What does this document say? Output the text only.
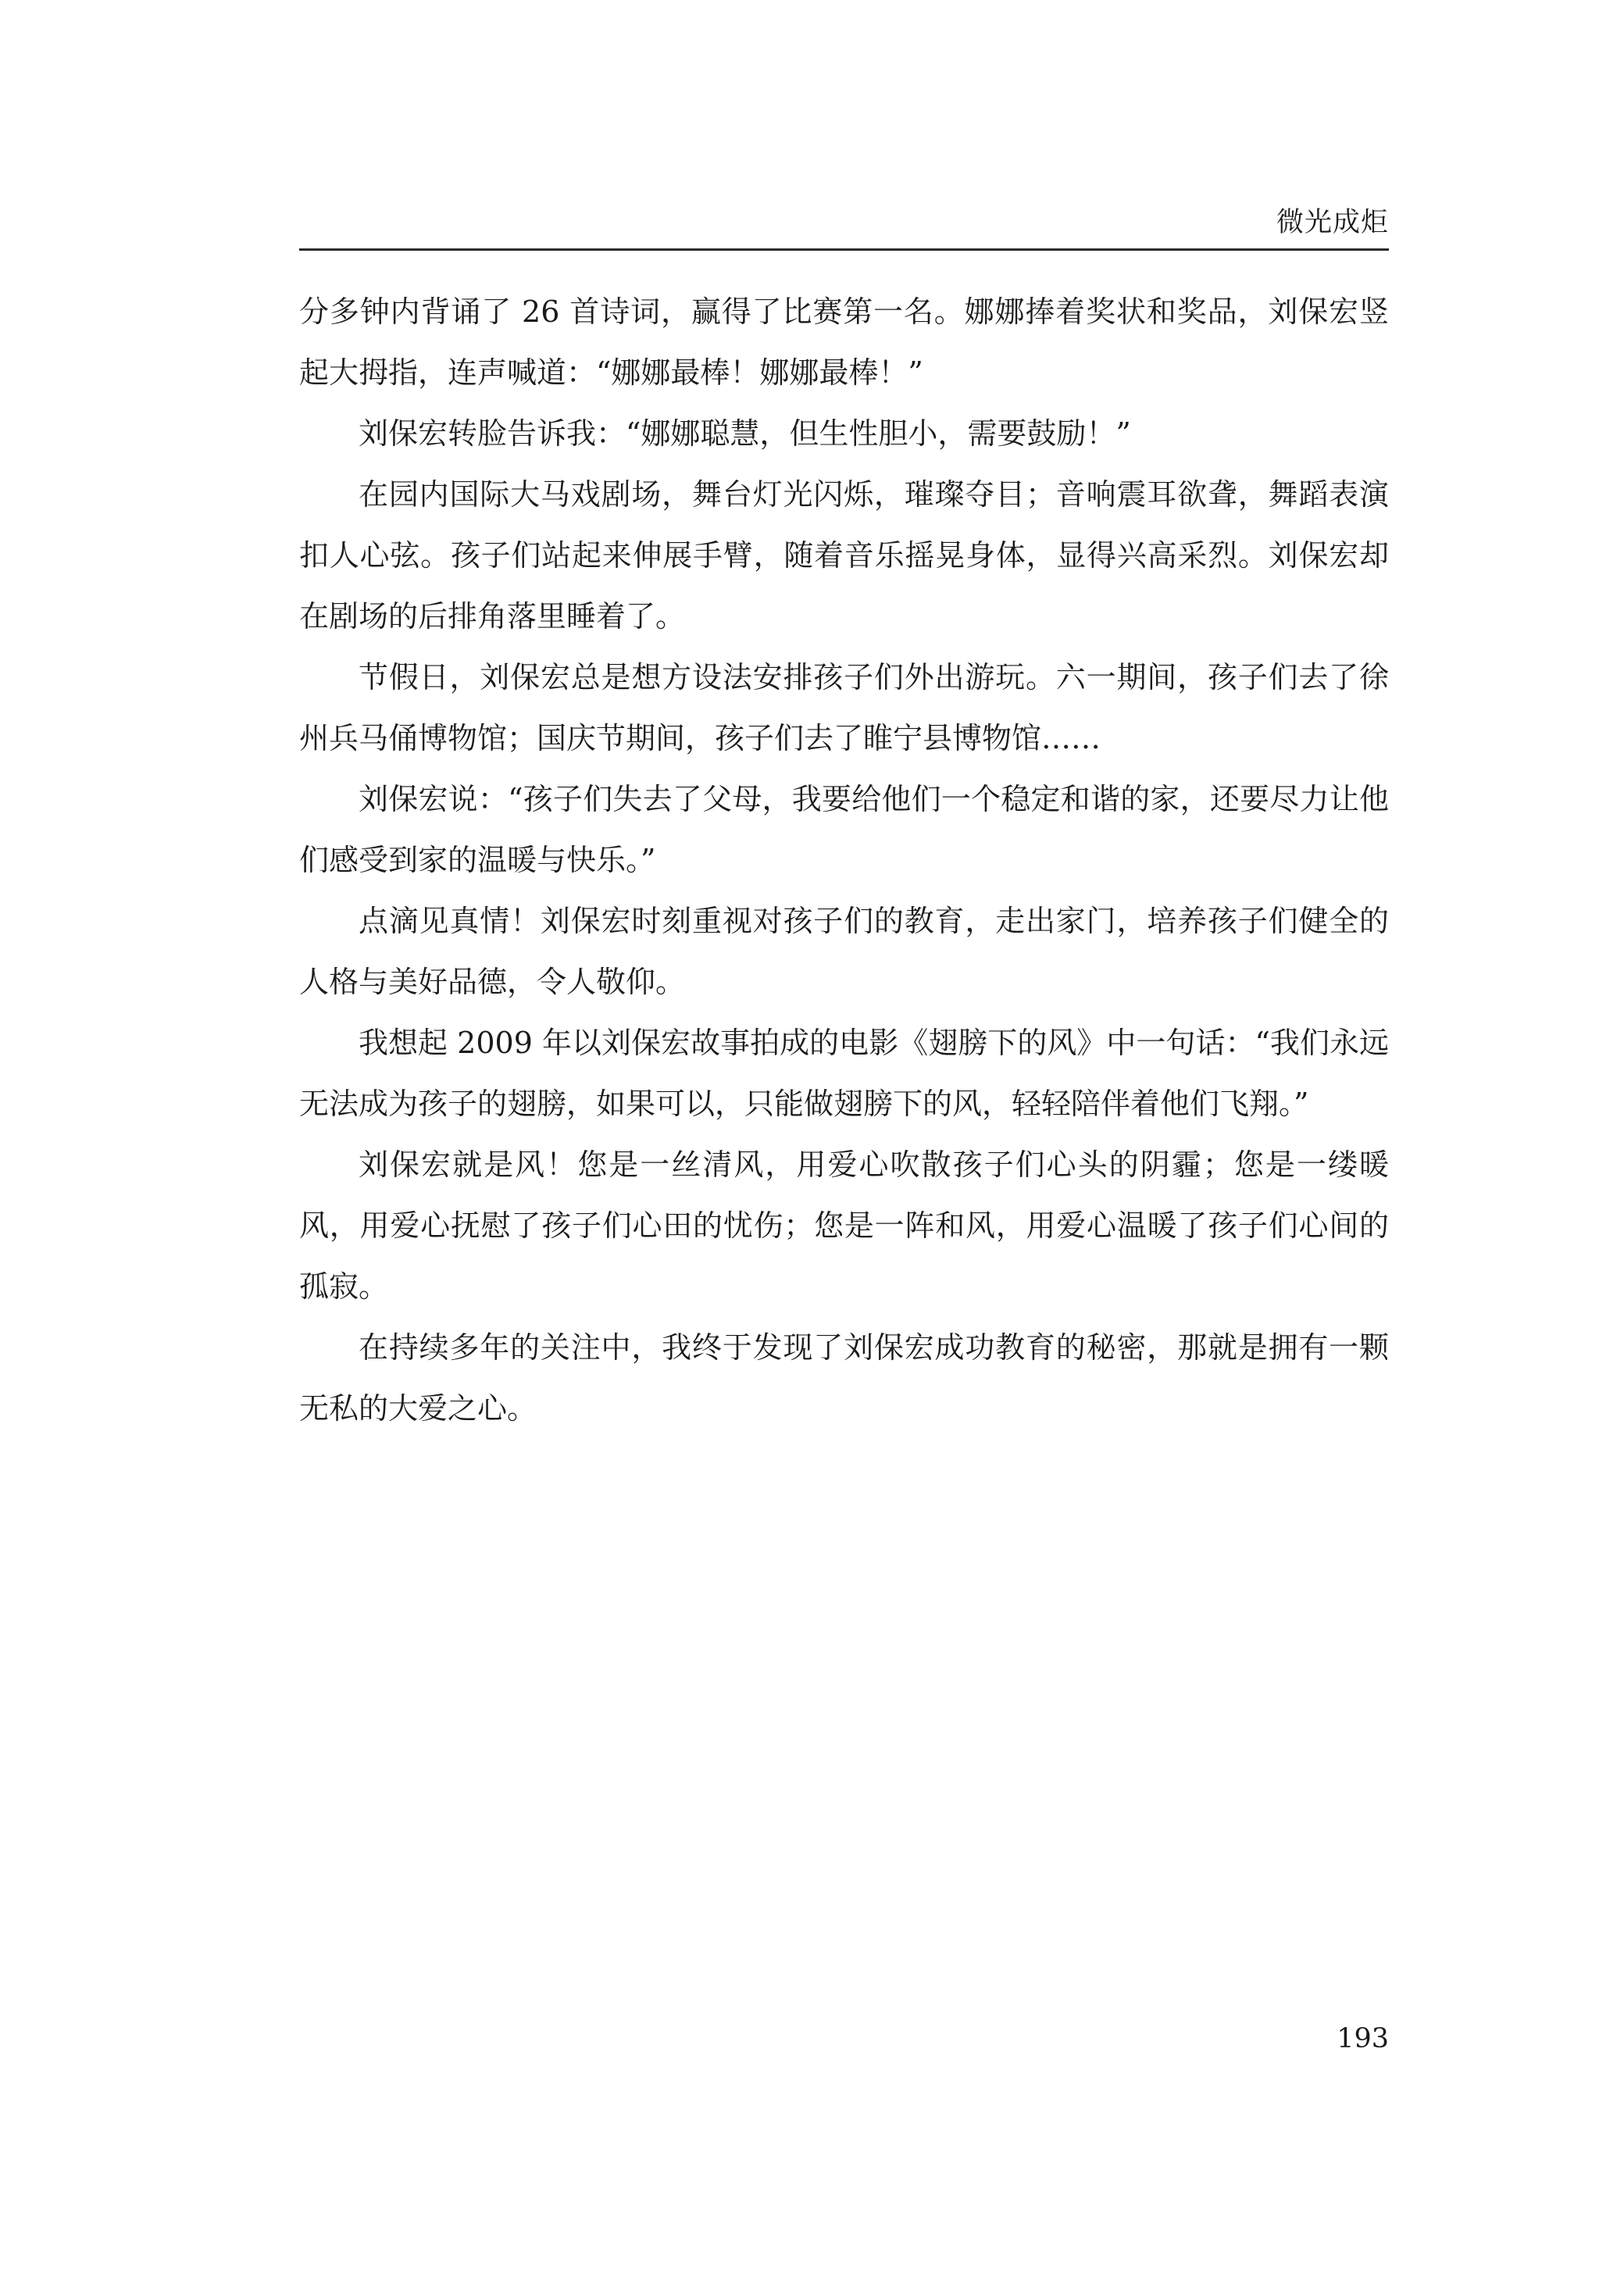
微光成炬

分多钟内背诵了 26 首诗词，赢得了比赛第一名。娜娜捧着奖状和奖品，刘保宏竖起大拇指，连声喊道：“娜娜最棒！娜娜最棒！”

刘保宏转脸告诉我：“娜娜聪慧，但生性胆小，需要鼓励！”

在园内国际大马戏剧场，舞台灯光闪烁，璀璨夺目；音响震耳欲聋，舞蹈表演扣人心弦。孩子们站起来伸展手臂，随着音乐摇晃身体，显得兴高采烈。刘保宏却在剧场的后排角落里睡着了。

节假日，刘保宏总是想方设法安排孩子们外出游玩。六一期间，孩子们去了徐州兵马俑博物馆；国庆节期间，孩子们去了睢宁县博物馆……

刘保宏说：“孩子们失去了父母，我要给他们一个稳定和谐的家，还要尽力让他们感受到家的温暖与快乐。”

点滴见真情！刘保宏时刻重视对孩子们的教育，走出家门，培养孩子们健全的人格与美好品德，令人敬仰。

我想起 2009 年以刘保宏故事拍成的电影《翅膀下的风》中一句话：“我们永远无法成为孩子的翅膀，如果可以，只能做翅膀下的风，轻轻陪伴着他们飞翔。”

刘保宏就是风！您是一丝清风，用爱心吹散孩子们心头的阴霾；您是一缕暖风，用爱心抚慰了孩子们心田的忧伤；您是一阵和风，用爱心温暖了孩子们心间的孤寂。

在持续多年的关注中，我终于发现了刘保宏成功教育的秘密，那就是拥有一颗无私的大爱之心。

193
